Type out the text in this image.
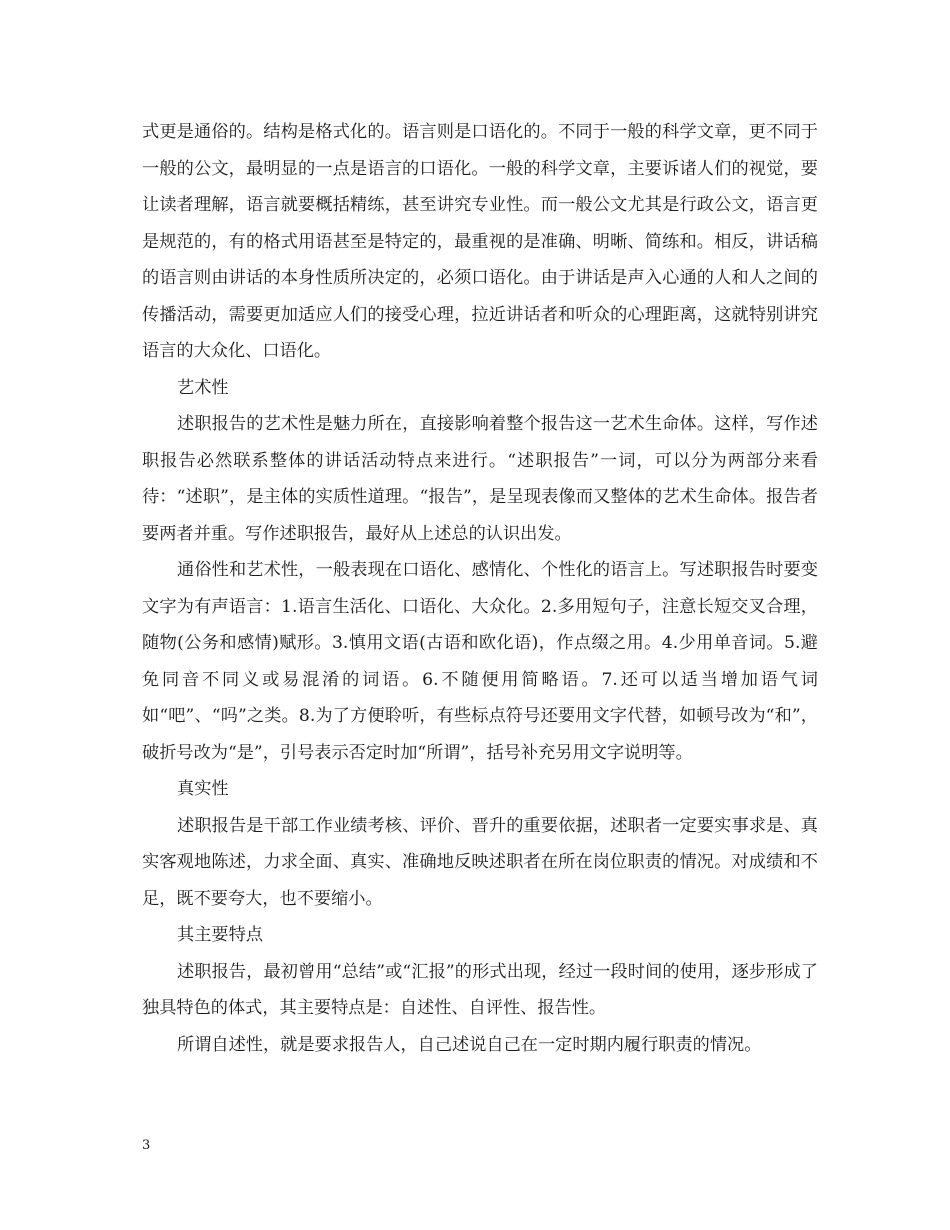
式更是通俗的。结构是格式化的。语言则是口语化的。不同于一般的科学文章，更不同于一般的公文，最明显的一点是语言的口语化。一般的科学文章，主要诉诸人们的视觉，要让读者理解，语言就要概括精练，甚至讲究专业性。而一般公文尤其是行政公文，语言更是规范的，有的格式用语甚至是特定的，最重视的是准确、明晰、简练和。相反，讲话稿的语言则由讲话的本身性质所决定的，必须口语化。由于讲话是声入心通的人和人之间的传播活动，需要更加适应人们的接受心理，拉近讲话者和听众的心理距离，这就特别讲究语言的大众化、口语化。

艺术性

述职报告的艺术性是魅力所在，直接影响着整个报告这一艺术生命体。这样，写作述职报告必然联系整体的讲话活动特点来进行。“述职报告”一词，可以分为两部分来看待：“述职”，是主体的实质性道理。“报告”，是呈现表像而又整体的艺术生命体。报告者要两者并重。写作述职报告，最好从上述总的认识出发。

通俗性和艺术性，一般表现在口语化、感情化、个性化的语言上。写述职报告时要变文字为有声语言：1.语言生活化、口语化、大众化。2.多用短句子，注意长短交叉合理，随物(公务和感情)赋形。3.慎用文语(古语和欧化语)，作点缀之用。4.少用单音词。5.避免同音不同义或易混淆的词语。6.不随便用简略语。7.还可以适当增加语气词如“吧”、“吗”之类。8.为了方便聆听，有些标点符号还要用文字代替，如顿号改为“和”，破折号改为“是”，引号表示否定时加“所谓”，括号补充另用文字说明等。

真实性

述职报告是干部工作业绩考核、评价、晋升的重要依据，述职者一定要实事求是、真实客观地陈述，力求全面、真实、准确地反映述职者在所在岗位职责的情况。对成绩和不足，既不要夸大，也不要缩小。

其主要特点

述职报告，最初曾用“总结”或“汇报”的形式出现，经过一段时间的使用，逐步形成了独具特色的体式，其主要特点是：自述性、自评性、报告性。

所谓自述性，就是要求报告人，自己述说自己在一定时期内履行职责的情况。

3
